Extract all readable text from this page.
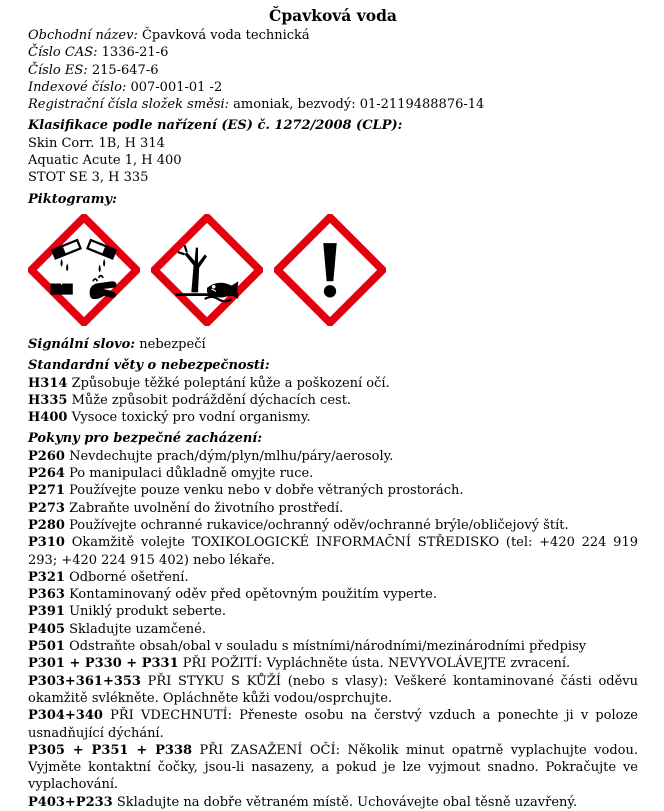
Čpavková voda
Obchodní název: Čpavková voda technická
Číslo CAS: 1336-21-6
Číslo ES: 215-647-6
Indexové číslo: 007-001-01 -2
Registrační čísla složek směsi: amoniak, bezvodý: 01-2119488876-14
Klasifikace podle nařízení (ES) č. 1272/2008 (CLP):
Skin Corr. 1B, H 314
Aquatic Acute 1, H 400
STOT SE 3, H 335
Piktogramy:
Signální slovo: nebezpečí
Standardní věty o nebezpečnosti:
H314 Způsobuje těžké poleptání kůže a poškození očí.
H335 Může způsobit podráždění dýchacích cest.
H400 Vysoce toxický pro vodní organismy.
Pokyny pro bezpečné zacházení:
P260 Nevdechujte prach/dým/plyn/mlhu/páry/aerosoly.
P264 Po manipulaci důkladně omyjte ruce.
P271 Používejte pouze venku nebo v dobře větraných prostorách.
P273 Zabraňte uvolnění do životního prostředí.
P280 Používejte ochranné rukavice/ochranný oděv/ochranné brýle/obličejový štít.
P310 Okamžitě volejte TOXIKOLOGICKÉ INFORMAČNÍ STŘEDISKO (tel: +420 224 919 293; +420 224 915 402) nebo lékaře.
P321 Odborné ošetření.
P363 Kontaminovaný oděv před opětovným použitím vyperte.
P391 Uniklý produkt seberte.
P405 Skladujte uzamčené.
P501 Odstraňte obsah/obal v souladu s místními/národními/mezinárodními předpisy
P301 + P330 + P331 PŘI POŽITÍ: Vypláchněte ústa. NEVYVOLÁVEJTE zvracení.
P303+361+353 PŘI STYKU S KŮŽÍ (nebo s vlasy): Veškeré kontaminované části oděvu okamžitě svlékněte. Opláchněte kůži vodou/osprchujte.
P304+340 PŘI VDECHNUTÍ: Přeneste osobu na čerstvý vzduch a ponechte ji v poloze usnadňující dýchání.
P305 + P351 + P338 PŘI ZASAŽENÍ OČÍ: Několik minut opatrně vyplachujte vodou. Vyjměte kontaktní čočky, jsou-li nasazeny, a pokud je lze vyjmout snadno. Pokračujte ve vyplachování.
P403+P233 Skladujte na dobře větraném místě. Uchovávejte obal těsně uzavřený.
